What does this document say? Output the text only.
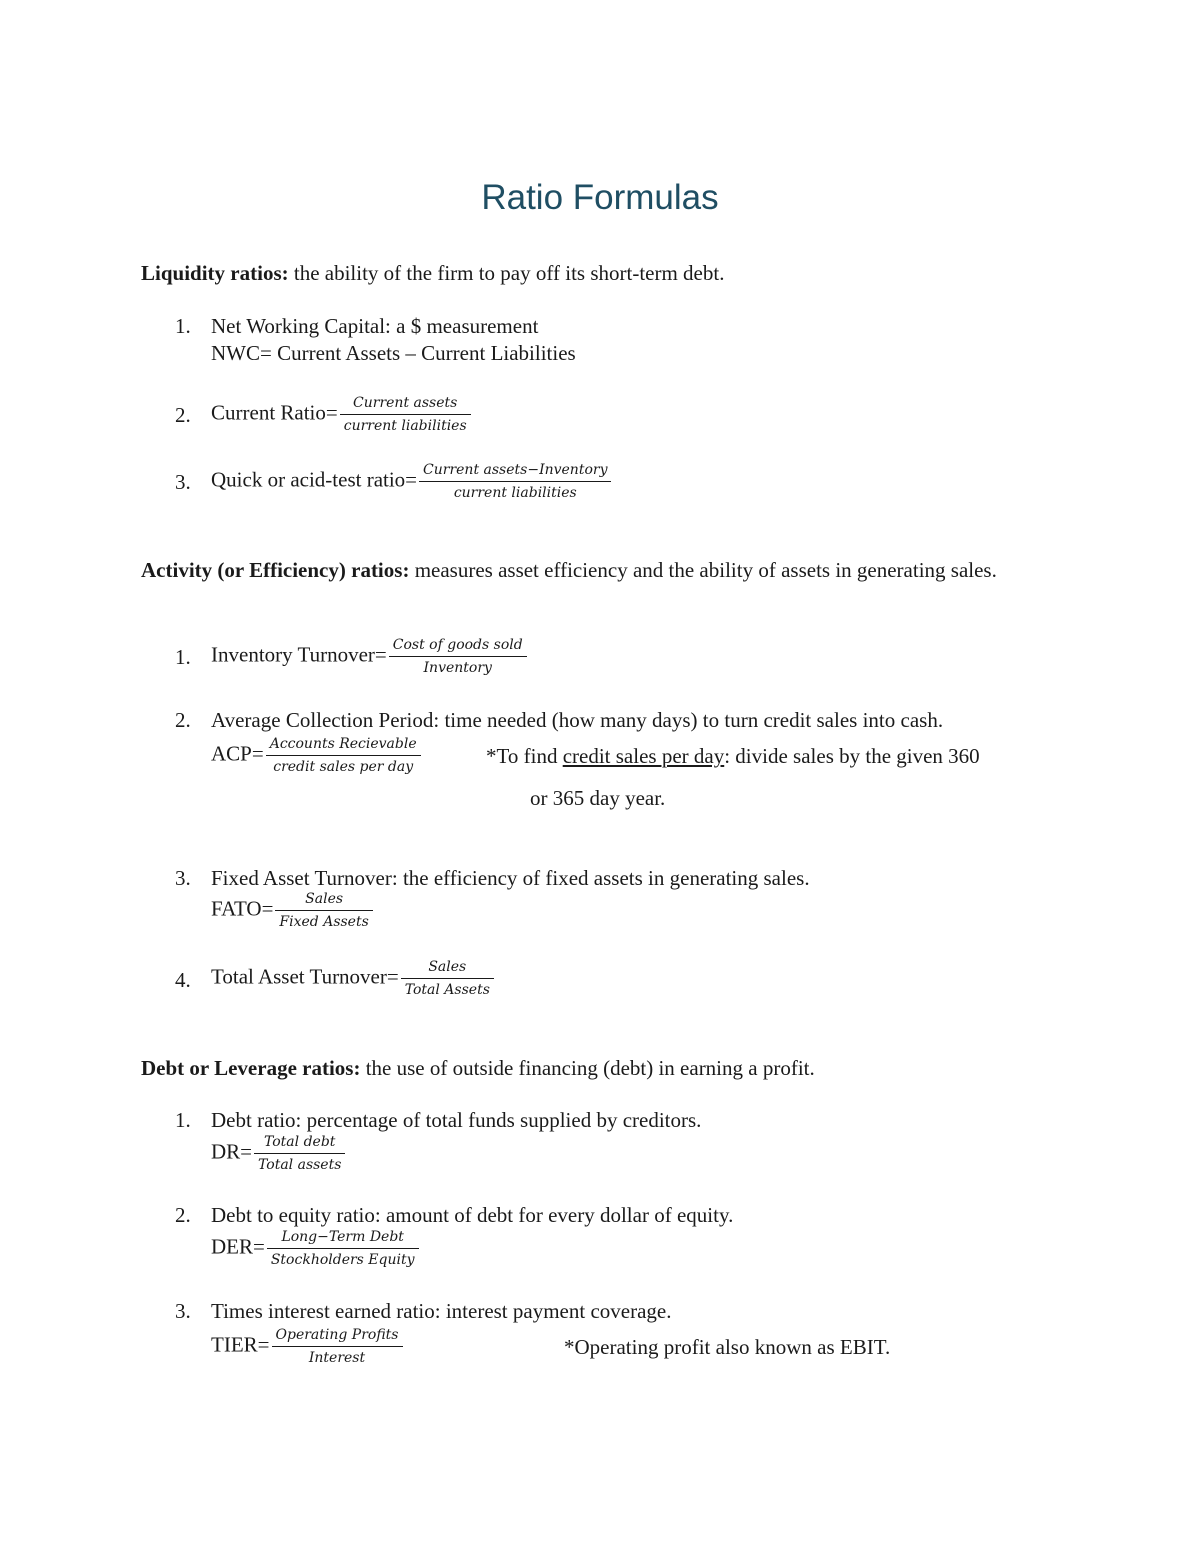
Ratio Formulas
Liquidity ratios: the ability of the firm to pay off its short-term debt.
1. Net Working Capital: a $ measurement
NWC= Current Assets – Current Liabilities
2. Current Ratio= $\frac{\text{Current assets}}{\text{current liabilities}}$
3. Quick or acid-test ratio= $\frac{\text{Current assets−Inventory}}{\text{current liabilities}}$
Activity (or Efficiency) ratios: measures asset efficiency and the ability of assets in generating sales.
1. Inventory Turnover= $\frac{\text{Cost of goods sold}}{\text{Inventory}}$
2. Average Collection Period: time needed (how many days) to turn credit sales into cash.
$ACP= \frac{\text{Accounts Recievable}}{\text{credit sales per day}}$	*To find credit sales per day: divide sales by the given 360
or 365 day year.
3. Fixed Asset Turnover: the efficiency of fixed assets in generating sales.
FATO= $\frac{\text{Sales}}{\text{Fixed Assets}}$
4. Total Asset Turnover= $\frac{\text{Sales}}{\text{Total Assets}}$
Debt or Leverage ratios: the use of outside financing (debt) in earning a profit.
1. Debt ratio: percentage of total funds supplied by creditors.
$DR= \frac{\text{Total debt}}{\text{Total assets}}$
2. Debt to equity ratio: amount of debt for every dollar of equity.
$DER= \frac{\text{Long−Term Debt}}{\text{Stockholders Equity}}$
3. Times interest earned ratio: interest payment coverage.
TIER= $\frac{\text{Operating Profits}}{\text{Interest}}$	*Operating profit also known as EBIT.
